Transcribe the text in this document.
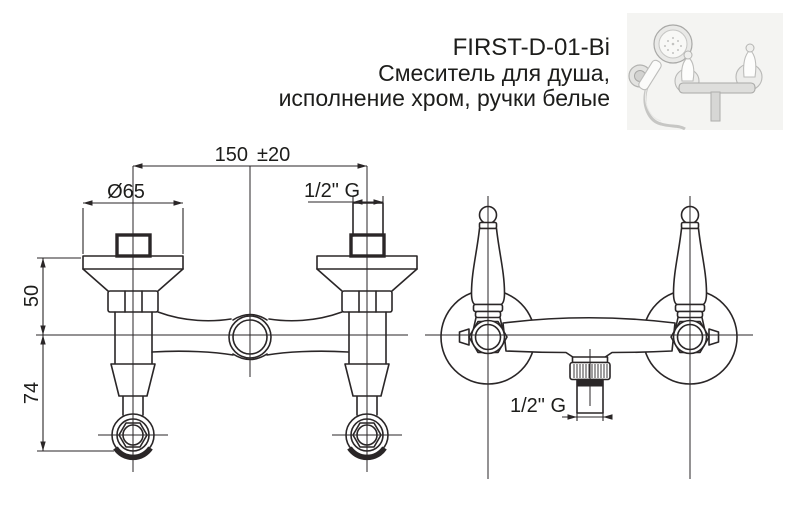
FIRST-D-01-Bi
Смеситель для душа,
исполнение хром, ручки белые
150 ±20
Ø65	1/2" G
50
74
1/2" G
